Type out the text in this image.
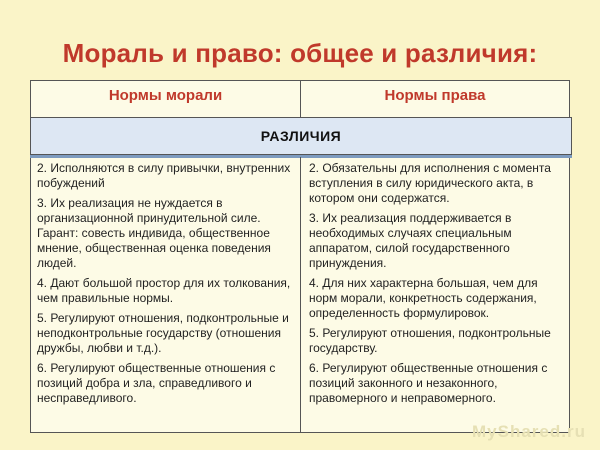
Мораль и право: общее и различия:
Нормы морали	Нормы права
РАЗЛИЧИЯ
2. Исполняются в силу привычки, внутренних побуждений
3. Их реализация не нуждается в организационной принудительной силе. Гарант: совесть индивида, общественное мнение, общественная оценка поведения людей.
4. Дают большой простор для их толкования, чем правильные нормы.
5. Регулируют отношения, подконтрольные и неподконтрольные государству (отношения дружбы, любви и т.д.).
6. Регулируют общественные отношения с позиций добра и зла, справедливого и несправедливого.
2. Обязательны для исполнения с момента вступления в силу юридического акта, в котором они содержатся.
3. Их реализация поддерживается в необходимых случаях специальным аппаратом, силой государственного принуждения.
4. Для них характерна большая, чем для норм морали, конкретность содержания, определенность формулировок.
5. Регулируют отношения, подконтрольные государству.
6. Регулируют общественные отношения с позиций законного и незаконного, правомерного и неправомерного.
MyShared.ru
